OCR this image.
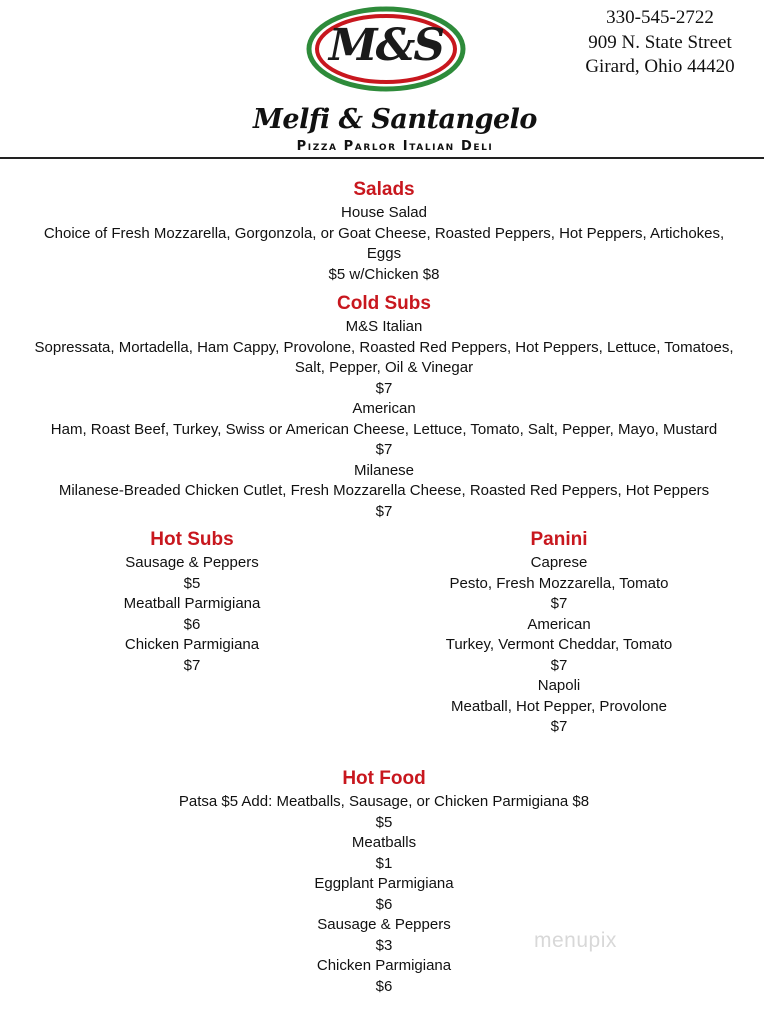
M&S
Melfi & Santangelo
Pizza Parlor Italian Deli
330-545-2722
909 N. State Street
Girard, Ohio 44420
Salads
House Salad
Choice of Fresh Mozzarella, Gorgonzola, or Goat Cheese, Roasted Peppers, Hot Peppers, Artichokes,
Eggs
$5 w/Chicken $8
Cold Subs
M&S Italian
Sopressata, Mortadella, Ham Cappy, Provolone, Roasted Red Peppers, Hot Peppers, Lettuce, Tomatoes,
Salt, Pepper, Oil & Vinegar
$7
American
Ham, Roast Beef, Turkey, Swiss or American Cheese, Lettuce, Tomato, Salt, Pepper, Mayo, Mustard
$7
Milanese
Milanese-Breaded Chicken Cutlet, Fresh Mozzarella Cheese, Roasted Red Peppers, Hot Peppers
$7
Hot Subs
Sausage & Peppers
$5
Meatball Parmigiana
$6
Chicken Parmigiana
$7
Panini
Caprese
Pesto, Fresh Mozzarella, Tomato
$7
American
Turkey, Vermont Cheddar, Tomato
$7
Napoli
Meatball, Hot Pepper, Provolone
$7
Hot Food
Patsa $5 Add: Meatballs, Sausage, or Chicken Parmigiana $8
$5
Meatballs
$1
Eggplant Parmigiana
$6
Sausage & Peppers
$3
Chicken Parmigiana
$6
menupix
